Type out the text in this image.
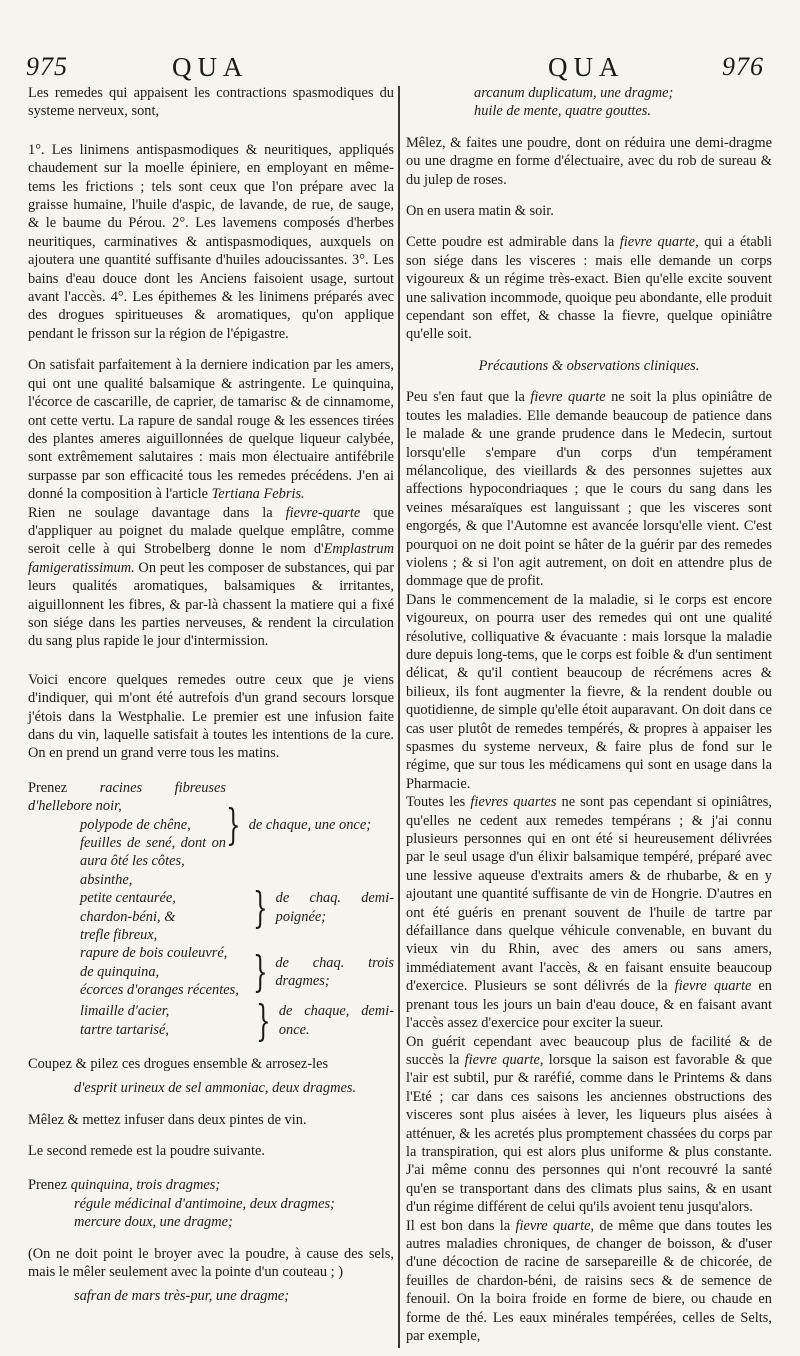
975	QUA	QUA	976

Les remedes qui appaisent les contractions spasmodiques du systeme nerveux, sont,

1°. Les linimens antispasmodiques & neuritiques, appliqués chaudement sur la moelle épiniere, en employant en même-tems les frictions ; tels sont ceux que l'on prépare avec la graisse humaine, l'huile d'aspic, de lavande, de rue, de sauge, & le baume du Pérou. 2°. Les lavemens composés d'herbes neuritiques, carminatives & antispasmodiques, auxquels on ajoutera une quantité suffisante d'huiles adoucissantes. 3°. Les bains d'eau douce dont les Anciens faisoient usage, surtout avant l'accès. 4°. Les épithemes & les linimens préparés avec des drogues spiritueuses & aromatiques, qu'on applique pendant le frisson sur la région de l'épigastre.

On satisfait parfaitement à la derniere indication par les amers, qui ont une qualité balsamique & astringente. Le quinquina, l'écorce de cascarille, de caprier, de tamarisc & de cinnamome, ont cette vertu. La rapure de sandal rouge & les essences tirées des plantes ameres aiguillonnées de quelque liqueur calybée, sont extrêmement salutaires : mais mon électuaire antifébrile surpasse par son efficacité tous les remedes précédens. J'en ai donné la composition à l'article Tertiana Febris.

Rien ne soulage davantage dans la fievre-quarte que d'appliquer au poignet du malade quelque emplâtre, comme seroit celle à qui Strobelberg donne le nom d'Emplastrum famigeratissimum. On peut les composer de substances, qui par leurs qualités aromatiques, balsamiques & irritantes, aiguillonnent les fibres, & par-là chassent la matiere qui a fixé son siége dans les parties nerveuses, & rendent la circulation du sang plus rapide le jour d'intermission.

Voici encore quelques remedes outre ceux que je viens d'indiquer, qui m'ont été autrefois d'un grand secours lorsque j'étois dans la Westphalie. Le premier est une infusion faite dans du vin, laquelle satisfait à toutes les intentions de la cure. On en prend un grand verre tous les matins.

Prenez racines fibreuses d'hellebore noir,
polypode de chêne,
feuilles de sené, dont on aura ôté les côtes,
} de chaque, une once;
absinthe,
petite centaurée,
chardon-béni, &
trefle fibreux,
} de chaq. demi-poignée;
rapure de bois couleuvré,
de quinquina,
écorces d'oranges récentes, } de chaq. trois dragmes;
limaille d'acier,
tartre tartarisé,	} de chaque, demi-once.

Coupez & pilez ces drogues ensemble & arrosez-les

d'esprit urineux de sel ammoniac, deux dragmes.

Mêlez & mettez infuser dans deux pintes de vin.

Le second remede est la poudre suivante.

Prenez quinquina, trois dragmes;
régule médicinal d'antimoine, deux dragmes;
mercure doux, une dragme;

(On ne doit point le broyer avec la poudre, à cause des sels, mais le mêler seulement avec la pointe d'un couteau ; )

safran de mars très-pur, une dragme;

arcanum duplicatum, une dragme;

huile de mente, quatre gouttes.

Mêlez, & faites une poudre, dont on réduira une demi-dragme ou une dragme en forme d'électuaire, avec du rob de sureau & du julep de roses.

On en usera matin & soir.

Cette poudre est admirable dans la fievre quarte, qui a établi son siége dans les visceres : mais elle demande un corps vigoureux & un régime très-exact. Bien qu'elle excite souvent une salivation incommode, quoique peu abondante, elle produit cependant son effet, & chasse la fievre, quelque opiniâtre qu'elle soit.

Précautions & observations cliniques.

Peu s'en faut que la fievre quarte ne soit la plus opiniâtre de toutes les maladies. Elle demande beaucoup de patience dans le malade & une grande prudence dans le Medecin, surtout lorsqu'elle s'empare d'un corps d'un tempérament mélancolique, des vieillards & des personnes sujettes aux affections hypocondriaques ; que le cours du sang dans les veines mésaraïques est languissant ; que les visceres sont engorgés, & que l'Automne est avancée lorsqu'elle vient. C'est pourquoi on ne doit point se hâter de la guérir par des remedes violens ; & si l'on agit autrement, on doit en attendre plus de dommage que de profit.

Dans le commencement de la maladie, si le corps est encore vigoureux, on pourra user des remedes qui ont une qualité résolutive, colliquative & évacuante : mais lorsque la maladie dure depuis long-tems, que le corps est foible & d'un sentiment délicat, & qu'il contient beaucoup de récrémens acres & bilieux, ils font augmenter la fievre, & la rendent double ou quotidienne, de simple qu'elle étoit auparavant. On doit dans ce cas user plutôt de remedes tempérés, & propres à appaiser les spasmes du systeme nerveux, & faire plus de fond sur le régime, que sur tous les médicamens qui sont en usage dans la Pharmacie.

Toutes les fievres quartes ne sont pas cependant si opiniâtres, qu'elles ne cedent aux remedes tempérans ; & j'ai connu plusieurs personnes qui en ont été si heureusement délivrées par le seul usage d'un élixir balsamique tempéré, préparé avec une lessive aqueuse d'extraits amers & de rhubarbe, & en y ajoutant une quantité suffisante de vin de Hongrie. D'autres en ont été guéris en prenant souvent de l'huile de tartre par défaillance dans quelque véhicule convenable, en buvant du vieux vin du Rhin, avec des amers ou sans amers, immédiatement avant l'accès, & en faisant ensuite beaucoup d'exercice. Plusieurs se sont délivrés de la fievre quarte en prenant tous les jours un bain d'eau douce, & en faisant avant l'accès assez d'exercice pour exciter la sueur.

On guérit cependant avec beaucoup plus de facilité & de succès la fievre quarte, lorsque la saison est favorable & que l'air est subtil, pur & raréfié, comme dans le Printems & dans l'Eté ; car dans ces saisons les anciennes obstructions des visceres sont plus aisées à lever, les liqueurs plus aisées à atténuer, & les acretés plus promptement chassées du corps par la transpiration, qui est alors plus uniforme & plus constante. J'ai même connu des personnes qui n'ont recouvré la santé qu'en se transportant dans des climats plus sains, & en usant d'un régime différent de celui qu'ils avoient tenu jusqu'alors.

Il est bon dans la fievre quarte, de même que dans toutes les autres maladies chroniques, de changer de boisson, & d'user d'une décoction de racine de sarsepareille & de chicorée, de feuilles de chardon-béni, de raisins secs & de semence de fenouil. On la boira froide en forme de biere, ou chaude en forme de thé. Les eaux minérales tempérées, celles de Selts, par exemple,
